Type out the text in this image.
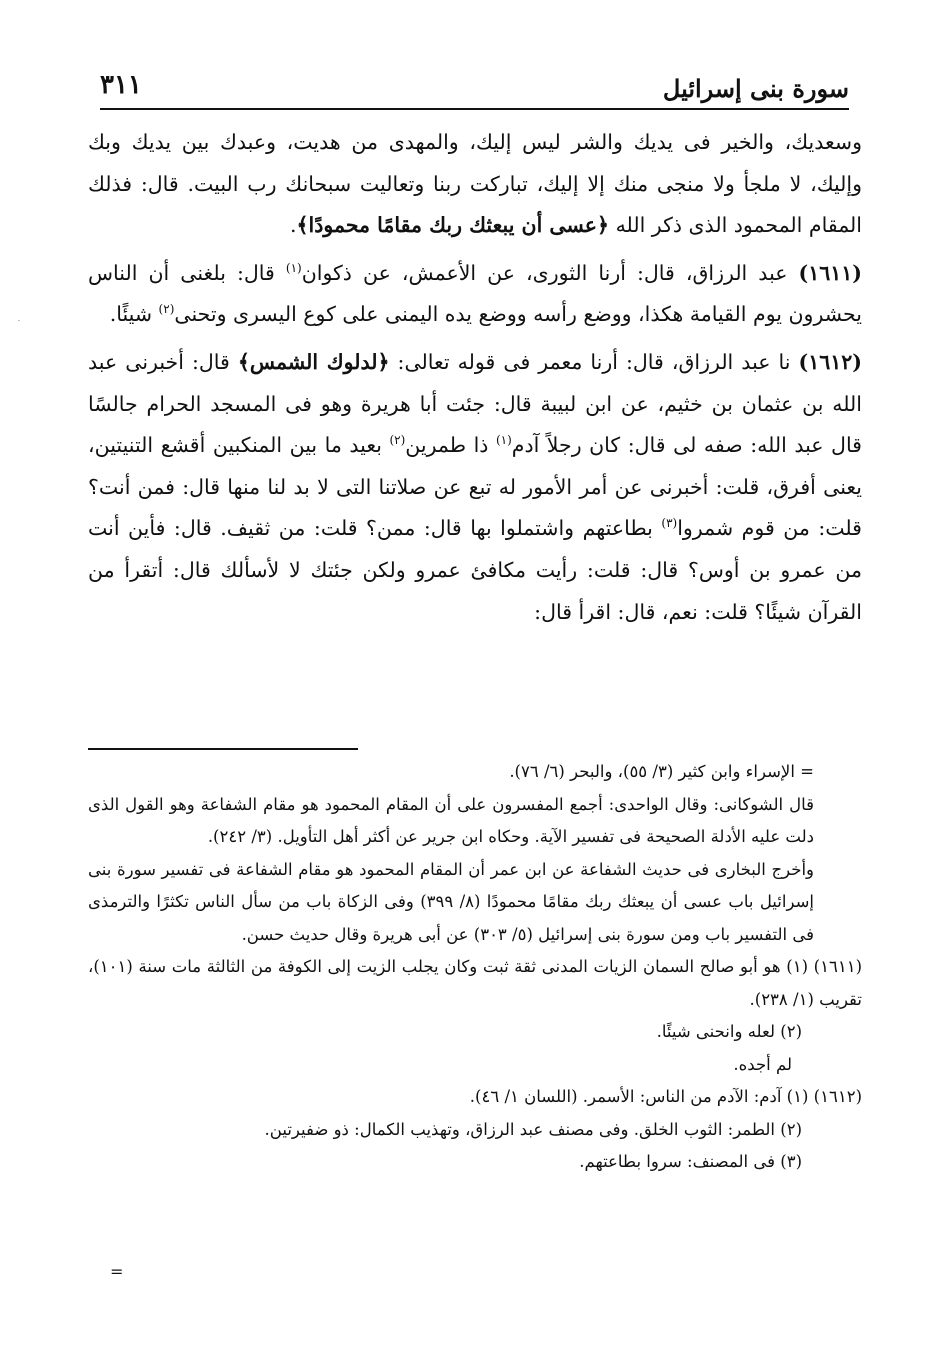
سورة بنى إسرائيل
٣١١

وسعديك، والخير فى يديك والشر ليس إليك، والمهدى من هديت، وعبدك بين يديك وبك وإليك، لا ملجأ ولا منجى منك إلا إليك، تباركت ربنا وتعاليت سبحانك رب البيت. قال: فذلك المقام المحمود الذى ذكر الله ﴿عسى أن يبعثك ربك مقامًا محمودًا﴾.

(١٦١١) عبد الرزاق، قال: أرنا الثورى، عن الأعمش، عن ذكوان$^{(١)}$ قال: بلغنى أن الناس يحشرون يوم القيامة هكذا، ووضع رأسه ووضع يده اليمنى على كوع اليسرى وتحنى$^{(٢)}$ شيئًا.

(١٦١٢) نا عبد الرزاق، قال: أرنا معمر فى قوله تعالى: ﴿لدلوك الشمس﴾ قال: أخبرنى عبد الله بن عثمان بن خثيم، عن ابن لبيبة قال: جئت أبا هريرة وهو فى المسجد الحرام جالسًا قال عبد الله: صفه لى قال: كان رجلاً آدم$^{(١)}$ ذا طمرين$^{(٢)}$ بعيد ما بين المنكبين أقشع التنيتين، يعنى أفرق، قلت: أخبرنى عن أمر الأمور له تبع عن صلاتنا التى لا بد لنا منها قال: فمن أنت؟ قلت: من قوم شمروا$^{(٣)}$ بطاعتهم واشتملوا بها قال: ممن؟ قلت: من ثقيف. قال: فأين أنت من عمرو بن أوس؟ قال: قلت: رأيت مكافئ عمرو ولكن جئتك لا لأسألك قال: أتقرأ من القرآن شيئًا؟ قلت: نعم، قال: اقرأ قال:

= الإسراء وابن كثير (٣/ ٥٥)، والبحر (٦/ ٧٦).

قال الشوكانى: وقال الواحدى: أجمع المفسرون على أن المقام المحمود هو مقام الشفاعة وهو القول الذى دلت عليه الأدلة الصحيحة فى تفسير الآية. وحكاه ابن جرير عن أكثر أهل التأويل. (٣/ ٢٤٢).

وأخرج البخارى فى حديث الشفاعة عن ابن عمر أن المقام المحمود هو مقام الشفاعة فى تفسير سورة بنى إسرائيل باب عسى أن يبعثك ربك مقامًا محمودًا (٨/ ٣٩٩) وفى الزكاة باب من سأل الناس تكثرًا والترمذى فى التفسير باب ومن سورة بنى إسرائيل (٥/ ٣٠٣) عن أبى هريرة وقال حديث حسن.

(١٦١١) (١) هو أبو صالح السمان الزيات المدنى ثقة ثبت وكان يجلب الزيت إلى الكوفة من الثالثة مات سنة (١٠١)، تقريب (١/ ٢٣٨).

(٢) لعله وانحنى شيئًا.

لم أجده.

(١٦١٢) (١) آدم: الآدم من الناس: الأسمر. (اللسان ١/ ٤٦).

(٢) الطمر: الثوب الخلق. وفى مصنف عبد الرزاق، وتهذيب الكمال: ذو ضفيرتين.

(٣) فى المصنف: سروا بطاعتهم.

=
·
